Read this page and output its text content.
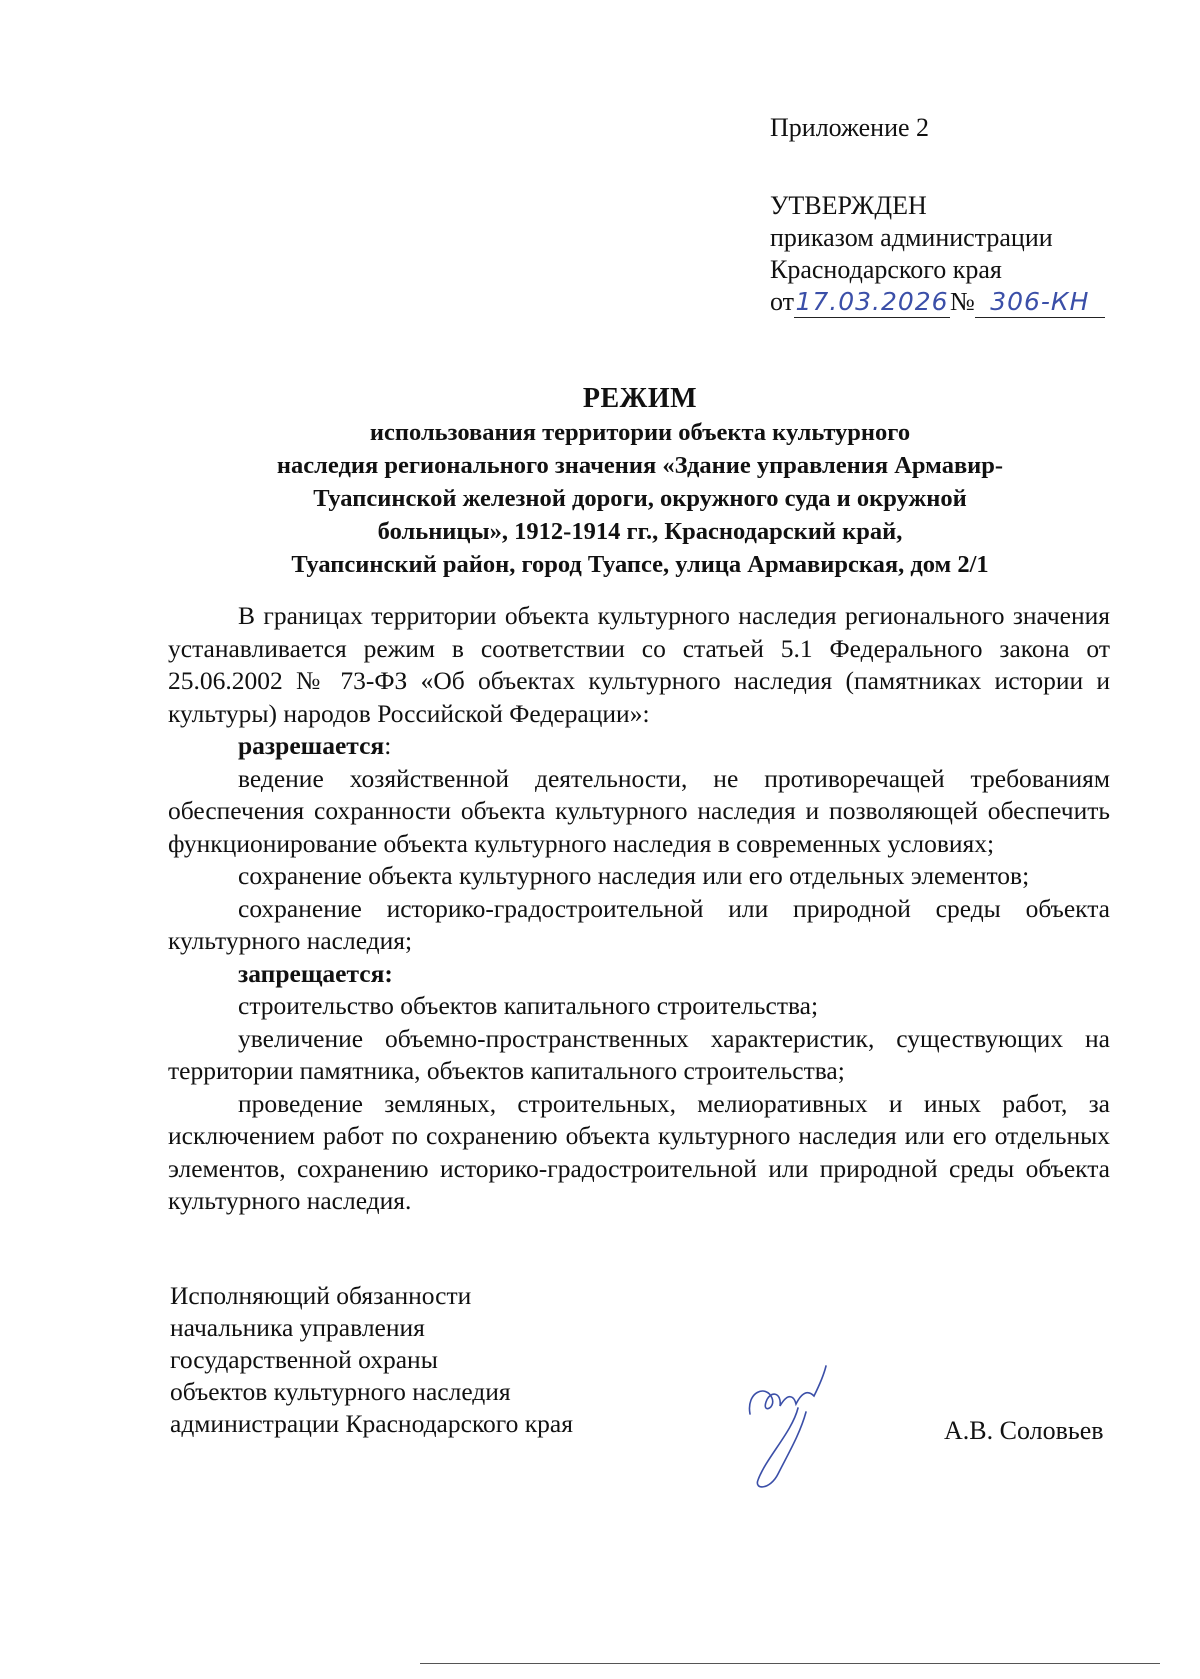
Приложение 2
УТВЕРЖДЕН
приказом администрации
Краснодарского края
от17.03.2026№ 306-КН
РЕЖИМ
использования территории объекта культурного
наследия регионального значения «Здание управления Армавир-
Туапсинской железной дороги, окружного суда и окружной
больницы», 1912-1914 гг., Краснодарский край,
Туапсинский район, город Туапсе, улица Армавирская, дом 2/1

В границах территории объекта культурного наследия регионального значения устанавливается режим в соответствии со статьей 5.1 Федерального закона от 25.06.2002 № 73-ФЗ «Об объектах культурного наследия (памятниках истории и культуры) народов Российской Федерации»:

разрешается:

ведение хозяйственной деятельности, не противоречащей требованиям обеспечения сохранности объекта культурного наследия и позволяющей обеспечить функционирование объекта культурного наследия в современных условиях;

сохранение объекта культурного наследия или его отдельных элементов;

сохранение историко-градостроительной или природной среды объекта культурного наследия;

запрещается:

строительство объектов капитального строительства;

увеличение объемно-пространственных характеристик, существующих на территории памятника, объектов капитального строительства;

проведение земляных, строительных, мелиоративных и иных работ, за исключением работ по сохранению объекта культурного наследия или его отдельных элементов, сохранению историко-градостроительной или природной среды объекта культурного наследия.

Исполняющий обязанности
начальника управления
государственной охраны
объектов культурного наследия
администрации Краснодарского края	А.В. Соловьев
